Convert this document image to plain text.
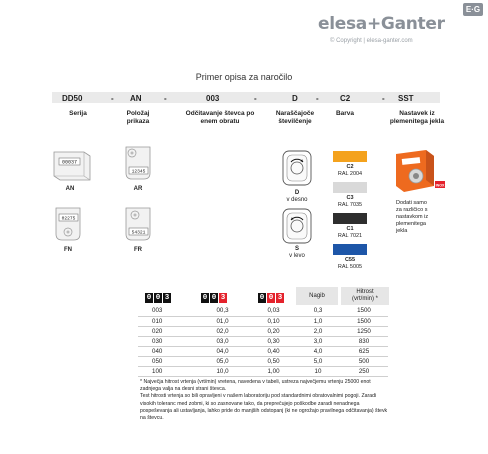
elesa+Ganter
E·G
© Copyright | elesa-ganter.com
Primer opisa za naročilo
DD50	- AN	-	003	-	D -	C2	- SST
Serija	Položaj
prikaza
Odčitavanje števca po
enem obratu
Naraščajoče
številčenje
Barva	Nastavek iz
plemenitega jekla
00037
AN
12345
AR
02275
FN
54321
FR
D
v desno
S
v levo
C2
RAL 2004
C3
RAL 7035
C1
RAL 7021
C55
RAL 5005
INOX
Dodati samo
za različico s
nastavkom iz
plemenitega
jekla
0 0 3	0 0 3	0 0 3	Nagib
Hitrost
(vrt/min) *
003	00,3	0,03	0,3	1500
010	01,0	0,10	1,0	1500
020	02,0	0,20	2,0	1250
030	03,0	0,30	3,0	830
040	04,0	0,40	4,0	625
050	05,0	0,50	5,0	500
100	10,0	1,00	10	250
* Največja hitrost vrtenja (vrt/min) vretena, navedena v tabeli, ustreza največjemu vrtenju 25000 enot zadnjega valja na desni strani števca.
Test hitrosti vrtenja so bili opravljeni v našem laboratoriju pod standardnimi obratovalnimi pogoji. Zaradi visokih toleranc med zobmi, ki so zasnovane tako, da preprečujejo poškodbe zaradi nenadnega pospeševanja ali ustavljanja, lahko pride do manjših odstopanj (ki ne ogrožajo pravilnega odčitavanja) števk na števcu.
